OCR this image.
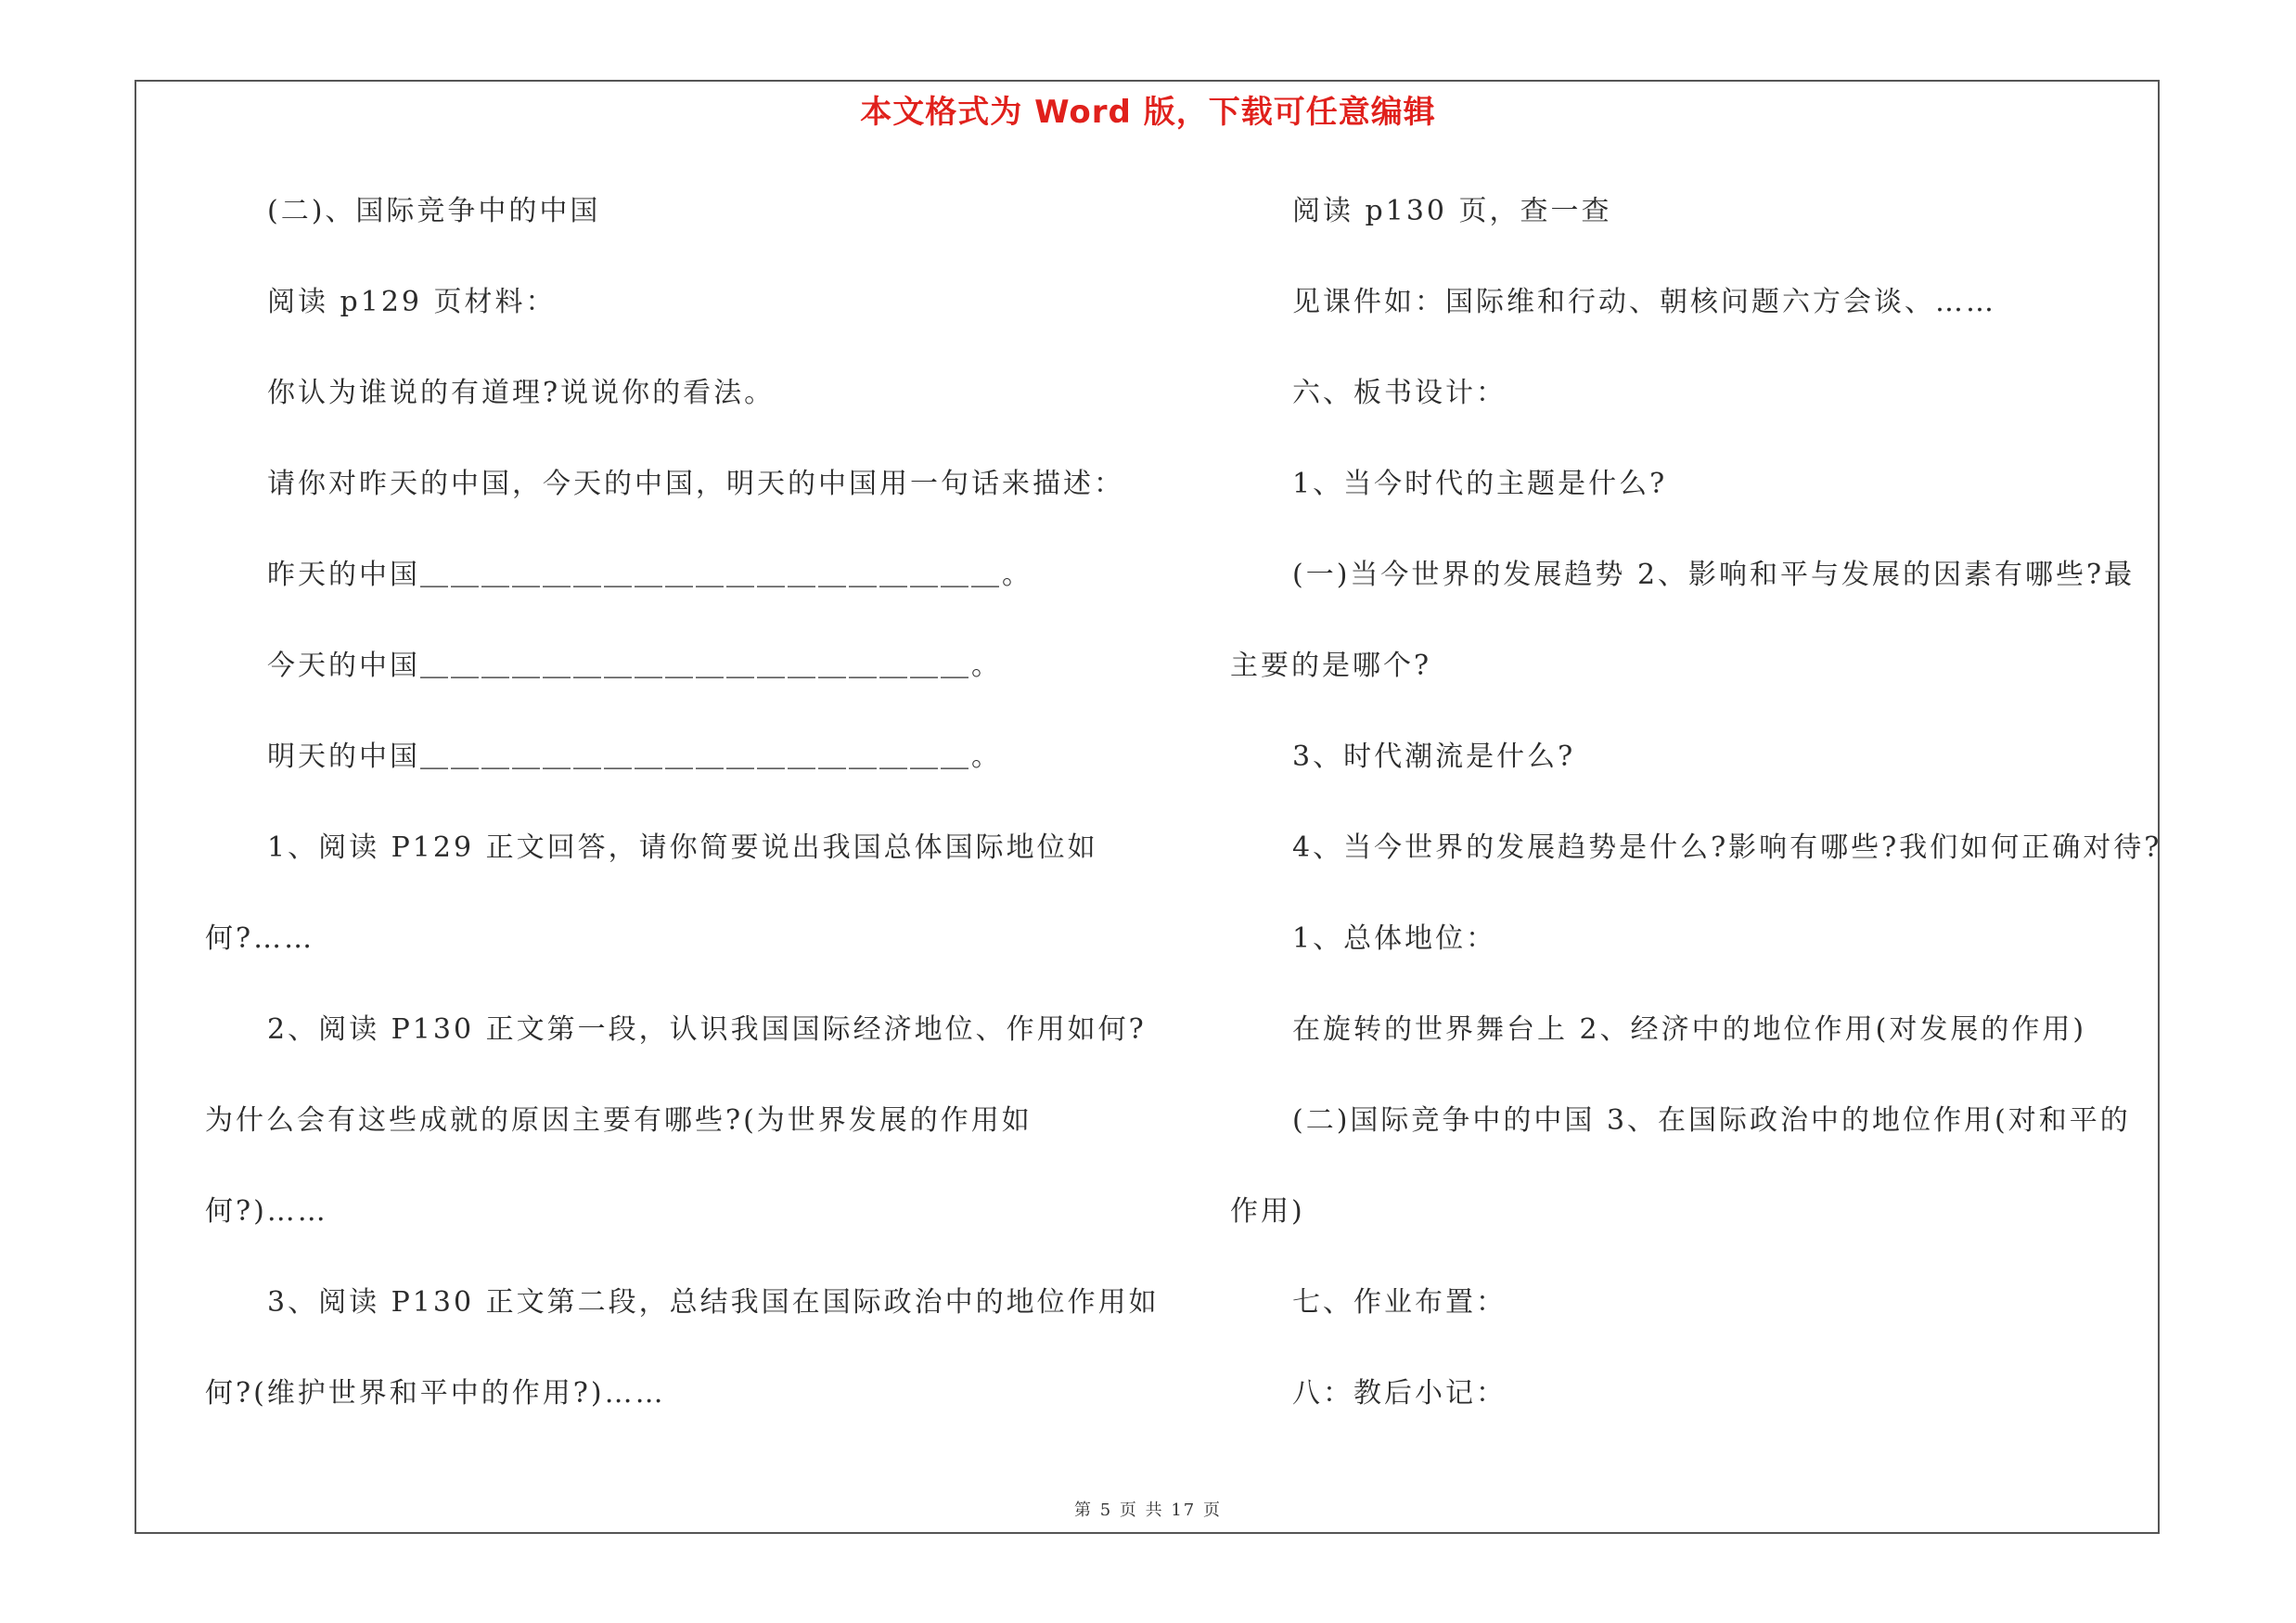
本文格式为 Word 版，下载可任意编辑
(二)、国际竞争中的中国
阅读 p129 页材料：
你认为谁说的有道理?说说你的看法。
请你对昨天的中国，今天的中国，明天的中国用一句话来描述：
昨天的中国＿＿＿＿＿＿＿＿＿＿＿＿＿＿＿＿＿＿＿。
今天的中国＿＿＿＿＿＿＿＿＿＿＿＿＿＿＿＿＿＿。
明天的中国＿＿＿＿＿＿＿＿＿＿＿＿＿＿＿＿＿＿。
1、阅读 P129 正文回答，请你简要说出我国总体国际地位如
何?……
2、阅读 P130 正文第一段，认识我国国际经济地位、作用如何?
为什么会有这些成就的原因主要有哪些?(为世界发展的作用如
何?)……
3、阅读 P130 正文第二段，总结我国在国际政治中的地位作用如
何?(维护世界和平中的作用?)……
阅读 p130 页，查一查
见课件如：国际维和行动、朝核问题六方会谈、……
六、板书设计：
1、当今时代的主题是什么?
(一)当今世界的发展趋势 2、影响和平与发展的因素有哪些?最
主要的是哪个?
3、时代潮流是什么?
4、当今世界的发展趋势是什么?影响有哪些?我们如何正确对待?
1、总体地位：
在旋转的世界舞台上 2、经济中的地位作用(对发展的作用)
(二)国际竞争中的中国 3、在国际政治中的地位作用(对和平的
作用)
七、作业布置：
八：教后小记：
第 5 页 共 17 页
